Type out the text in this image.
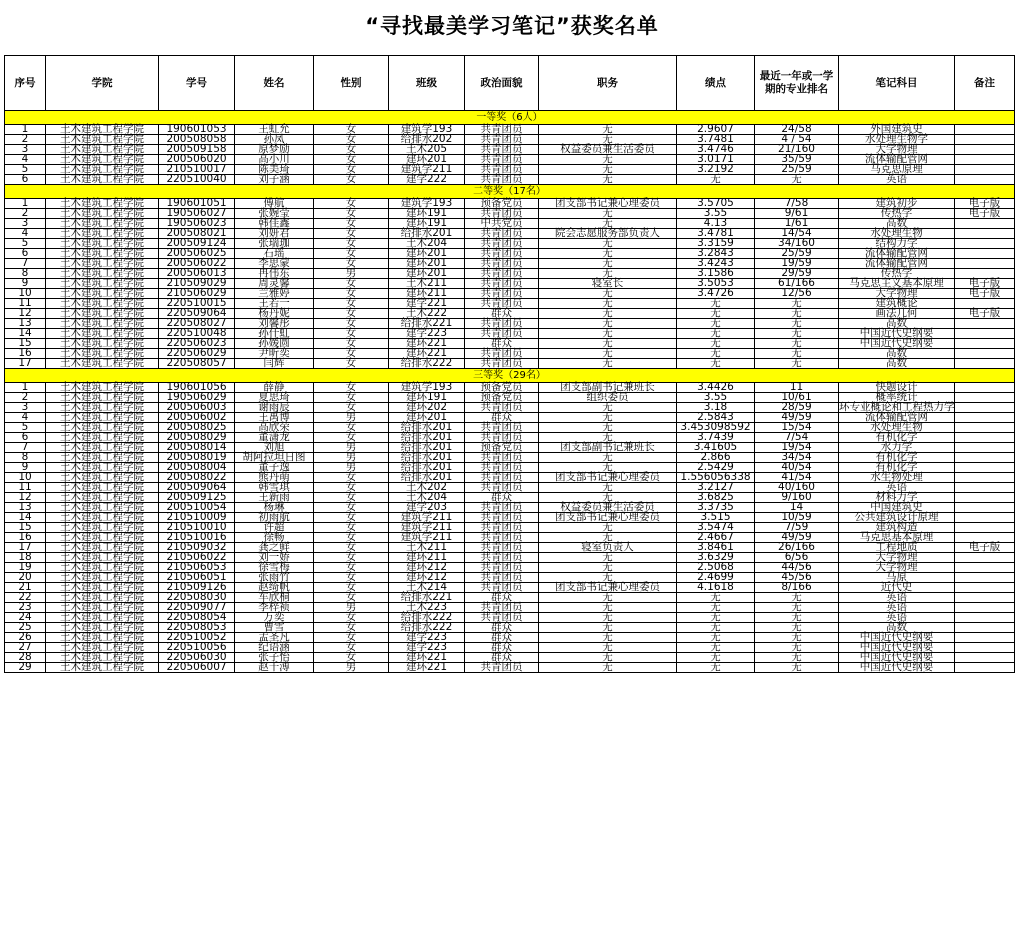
“寻找最美学习笔记”获奖名单
序号	学院	学号	姓名	性别	班级	政治面貌	职务	绩点	最近一年或一学期的专业排名	笔记科目	备注
一等奖（6人）											
1	土木建筑工程学院	190601053	王虹允	女	建筑学193	共青团员	无	2.9607	24/58	外国建筑史	
2	土木建筑工程学院	200508058	孙凤	女	给排水202	共青团员	无	3.7481	4 / 54	水处理生物学	
3	土木建筑工程学院	200509158	原梦励	女	土木205	共青团员	权益委员兼生活委员	3.4746	21/160	大学物理	
4	土木建筑工程学院	200506020	高小川	女	建环201	共青团员	无	3.0171	35/59	流体输配管网	
5	土木建筑工程学院	210510017	陈美琦	女	建筑学211	共青团员	无	3.2192	25/59	马克思原理	
6	土木建筑工程学院	220510040	刘子涵	女	建学222	共青团员	无	无	无	英语	
二等奖（17名）											
1	土木建筑工程学院	190601051	傅航	女	建筑学193	预备党员	团支部书记兼心理委员	3.5705	7/58	建筑初步	电子版
2	土木建筑工程学院	190506027	张婉莹	女	建环191	共青团员	无	3.55	9/61	传热学	电子版
3	土木建筑工程学院	190506023	韩佳鑫	女	建环191	中共党员	无	4.13	1/61	高数	
4	土木建筑工程学院	200508021	刘妍君	女	给排水201	共青团员	院会志愿服务部负责人	3.4781	14/54	水处理生物	
5	土木建筑工程学院	200509124	张瑞珈	女	土木204	共青团员	无	3.3159	34/160	结构力学	
6	土木建筑工程学院	200506025	石瑶	女	建环201	共青团员	无	3.2843	25/59	流体输配管网	
7	土木建筑工程学院	200506022	李思蒙	女	建环201	共青团员	无	3.4243	19/59	流体输配管网	
8	土木建筑工程学院	200506013	冉伟东	男	建环201	共青团员	无	3.1586	29/59	传热学	
9	土木建筑工程学院	210509029	周灵馨	女	土木211	共青团员	寝室长	3.5053	61/166	马克思主义基本原理	电子版
10	土木建筑工程学院	210506029	兰雅婷	女	建环211	共青团员	无	3.4726	12/56	大学物理	电子版
11	土木建筑工程学院	220510015	王若一	女	建学221	共青团员	无	无	无	建筑概论	
12	土木建筑工程学院	220509064	杨丹妮	女	土木222	群众	无	无	无	画法几何	电子版
13	土木建筑工程学院	220508027	刘馨彤	女	给排水221	共青团员	无	无	无	高数	
14	土木建筑工程学院	220510048	孙仟虹	女	建学223	共青团员	无	无	无	中国近代史纲要	
15	土木建筑工程学院	220506023	孙媛圆	女	建环221	群众	无	无	无	中国近代史纲要	
16	土木建筑工程学院	220506029	尹昕奕	女	建环221	共青团员	无	无	无	高数	
17	土木建筑工程学院	220508057	闫辉	女	给排水222	共青团员	无	无	无	高数	
三等奖（29名）											
1	土木建筑工程学院	190601056	薛静	女	建筑学193	预备党员	团支部副书记兼班长	3.4426	11	快题设计	
2	土木建筑工程学院	190506029	夏思琦	女	建环191	预备党员	组织委员	3.55	10/61	概率统计	
3	土木建筑工程学院	200506003	谢雨辰	女	建环202	共青团员	无	3.18	28/59	环专业概论和工程热力学	
4	土木建筑工程学院	200506002	王禹博	男	建环201	群众	无	2.5843	49/59	流体输配管网	
5	土木建筑工程学院	200508025	高欣荣	女	给排水201	共青团员	无	3.453098592	15/54	水处理生物	
6	土木建筑工程学院	200508029	董潇龙	女	给排水201	共青团员	无	3.7439	7/54	有机化学	
7	土木建筑工程学院	200508014	刘旭	男	给排水201	预备党员	团支部副书记兼班长	3.41605	19/54	水力学	
8	土木建筑工程学院	200508019	胡阿拉坦日图	男	给排水201	共青团员	无	2.866	34/54	有机化学	
9	土木建筑工程学院	200508004	董子逸	男	给排水201	共青团员	无	2.5429	40/54	有机化学	
10	土木建筑工程学院	200508022	熊丹萌	女	给排水201	共青团员	团支部书记兼心理委员	1.556056338	41/54	水生物处理	
11	土木建筑工程学院	200509064	韩雪琪	女	土木202	共青团员	无	3.2127	40/160	英语	
12	土木建筑工程学院	200509125	王新雨	女	土木204	群众	无	3.6825	9/160	材料力学	
13	土木建筑工程学院	200510054	杨琳	女	建学203	共青团员	权益委员兼生活委员	3.3735	14	中国建筑史	
14	土木建筑工程学院	210510009	初雨航	女	建筑学211	共青团员	团支部书记兼心理委员	3.515	10/59	公共建筑设计原理	
15	土木建筑工程学院	210510010	许超	女	建筑学211	共青团员	无	3.5474	7/59	建筑构造	
16	土木建筑工程学院	210510016	徐畅	女	建筑学211	共青团员	无	2.4667	49/59	马克思基本原理	
17	土木建筑工程学院	210509032	龚之鲜	女	土木211	共青团员	寝室负责人	3.8461	26/166	工程地质	电子版
18	土木建筑工程学院	210506022	刘一娇	女	建环211	共青团员	无	3.6329	6/56	大学物理	
19	土木建筑工程学院	210506053	徐雪梅	女	建环212	共青团员	无	2.5068	44/56	大学物理	
20	土木建筑工程学院	210506051	张雨竹	女	建环212	共青团员	无	2.4699	45/56	马原	
21	土木建筑工程学院	210509126	赵绮帆	女	土木214	共青团员	团支部书记兼心理委员	4.1618	8/166	近代史	
22	土木建筑工程学院	220508030	车欣桐	女	给排水221	群众	无	无	无	英语	
23	土木建筑工程学院	220509077	李梓祯	男	土木223	共青团员	无	无	无	英语	
24	土木建筑工程学院	220508054	万奕	女	给排水222	共青团员	无	无	无	英语	
25	土木建筑工程学院	220508053	曹雪	女	给排水222	群众	无	无	无	高数	
26	土木建筑工程学院	220510052	孟圣凡	女	建学223	群众	无	无	无	中国近代史纲要	
27	土木建筑工程学院	220510056	纪语涵	女	建学223	群众	无	无	无	中国近代史纲要	
28	土木建筑工程学院	220506030	张子怡	女	建环221	群众	无	无	无	中国近代史纲要	
29	土木建筑工程学院	220506007	赵千溥	男	建环221	共青团员	无	无	无	中国近代史纲要	
